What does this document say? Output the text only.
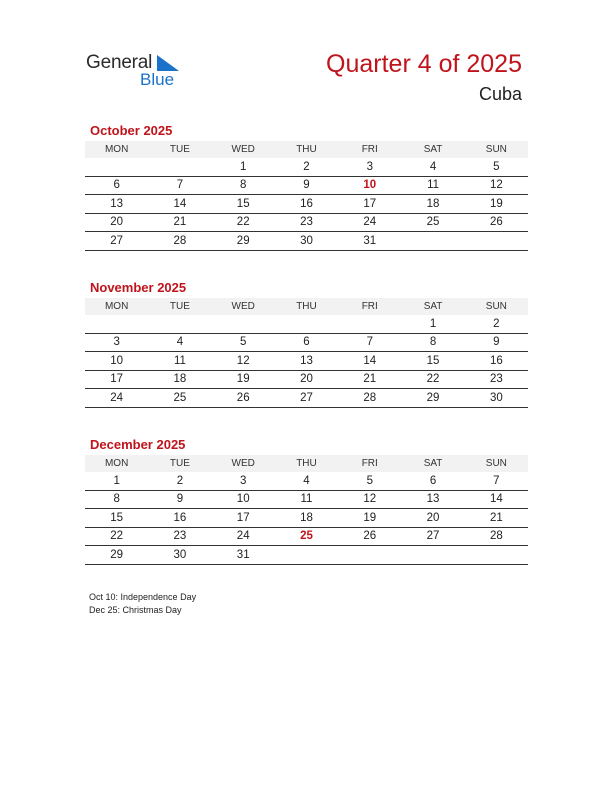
General
Blue
Quarter 4 of 2025
Cuba
October 2025
MON	TUE	WED	THU	FRI	SAT	SUN
		1	2	3	4	5
6	7	8	9	10	11	12
13	14	15	16	17	18	19
20	21	22	23	24	25	26
27	28	29	30	31		
November 2025
MON	TUE	WED	THU	FRI	SAT	SUN
					1	2
3	4	5	6	7	8	9
10	11	12	13	14	15	16
17	18	19	20	21	22	23
24	25	26	27	28	29	30
December 2025
MON	TUE	WED	THU	FRI	SAT	SUN
1	2	3	4	5	6	7
8	9	10	11	12	13	14
15	16	17	18	19	20	21
22	23	24	25	26	27	28
29	30	31				
Oct 10: Independence Day
Dec 25: Christmas Day
